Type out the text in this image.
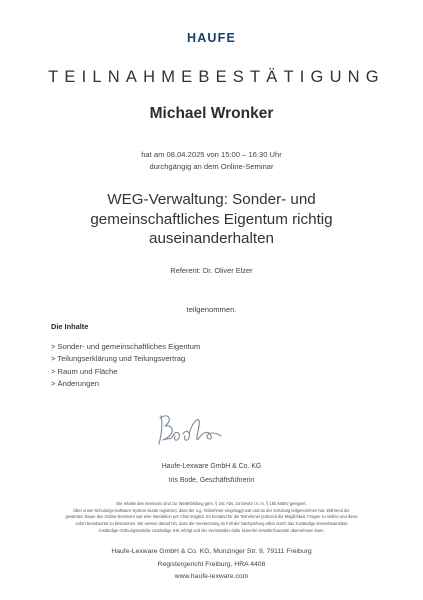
HAUFE
TEILNAHMEBESTÄTIGUNG
Michael Wronker
hat am 08.04.2025 von 15:00 – 16:30 Uhr
durchgängig an dem Online-Seminar
WEG-Verwaltung: Sonder- und
gemeinschaftliches Eigentum richtig
auseinanderhalten
Referent: Dr. Oliver Elzer
teilgenommen.
Die Inhalte
> Sonder- und gemeinschaftliches Eigentum
> Teilungserklärung und Teilungsvertrag
> Raum und Fläche
> Änderungen
Haufe-Lexware GmbH & Co. KG
Iris Bode, Geschäftsführerin
Die Inhalte des Seminars sind zur Weiterbildung gem. § 34c Abs. 2a GewO i.V. m. § 15b MaBV geeignet.
Über unser Schulungs-Software-System wurde registriert, dass der o.g. Teilnehmer eingeloggt war und an der Schulung teilgenommen hat. Während der
gesamten Dauer des Online-Seminars war eine Interaktion per Chat möglich. Es bestand für die Teilnehmer jederzeit die Möglichkeit, Fragen zu stellen und diese
sofort beantwortet zu bekommen. Wir weisen darauf hin, dass die Anerkennung im Fall der Nachprüfung allein durch das zuständige Gewerbeamt/das
zuständige Ordnungsamt/die zuständige IHK erfolgt und der Veranstalter dafür keinerlei Gewähr/Garantie übernehmen kann.
Haufe-Lexware GmbH & Co. KG, Munzinger Str. 9, 79111 Freiburg
Registergericht Freiburg, HRA 4408
www.haufe-lexware.com
